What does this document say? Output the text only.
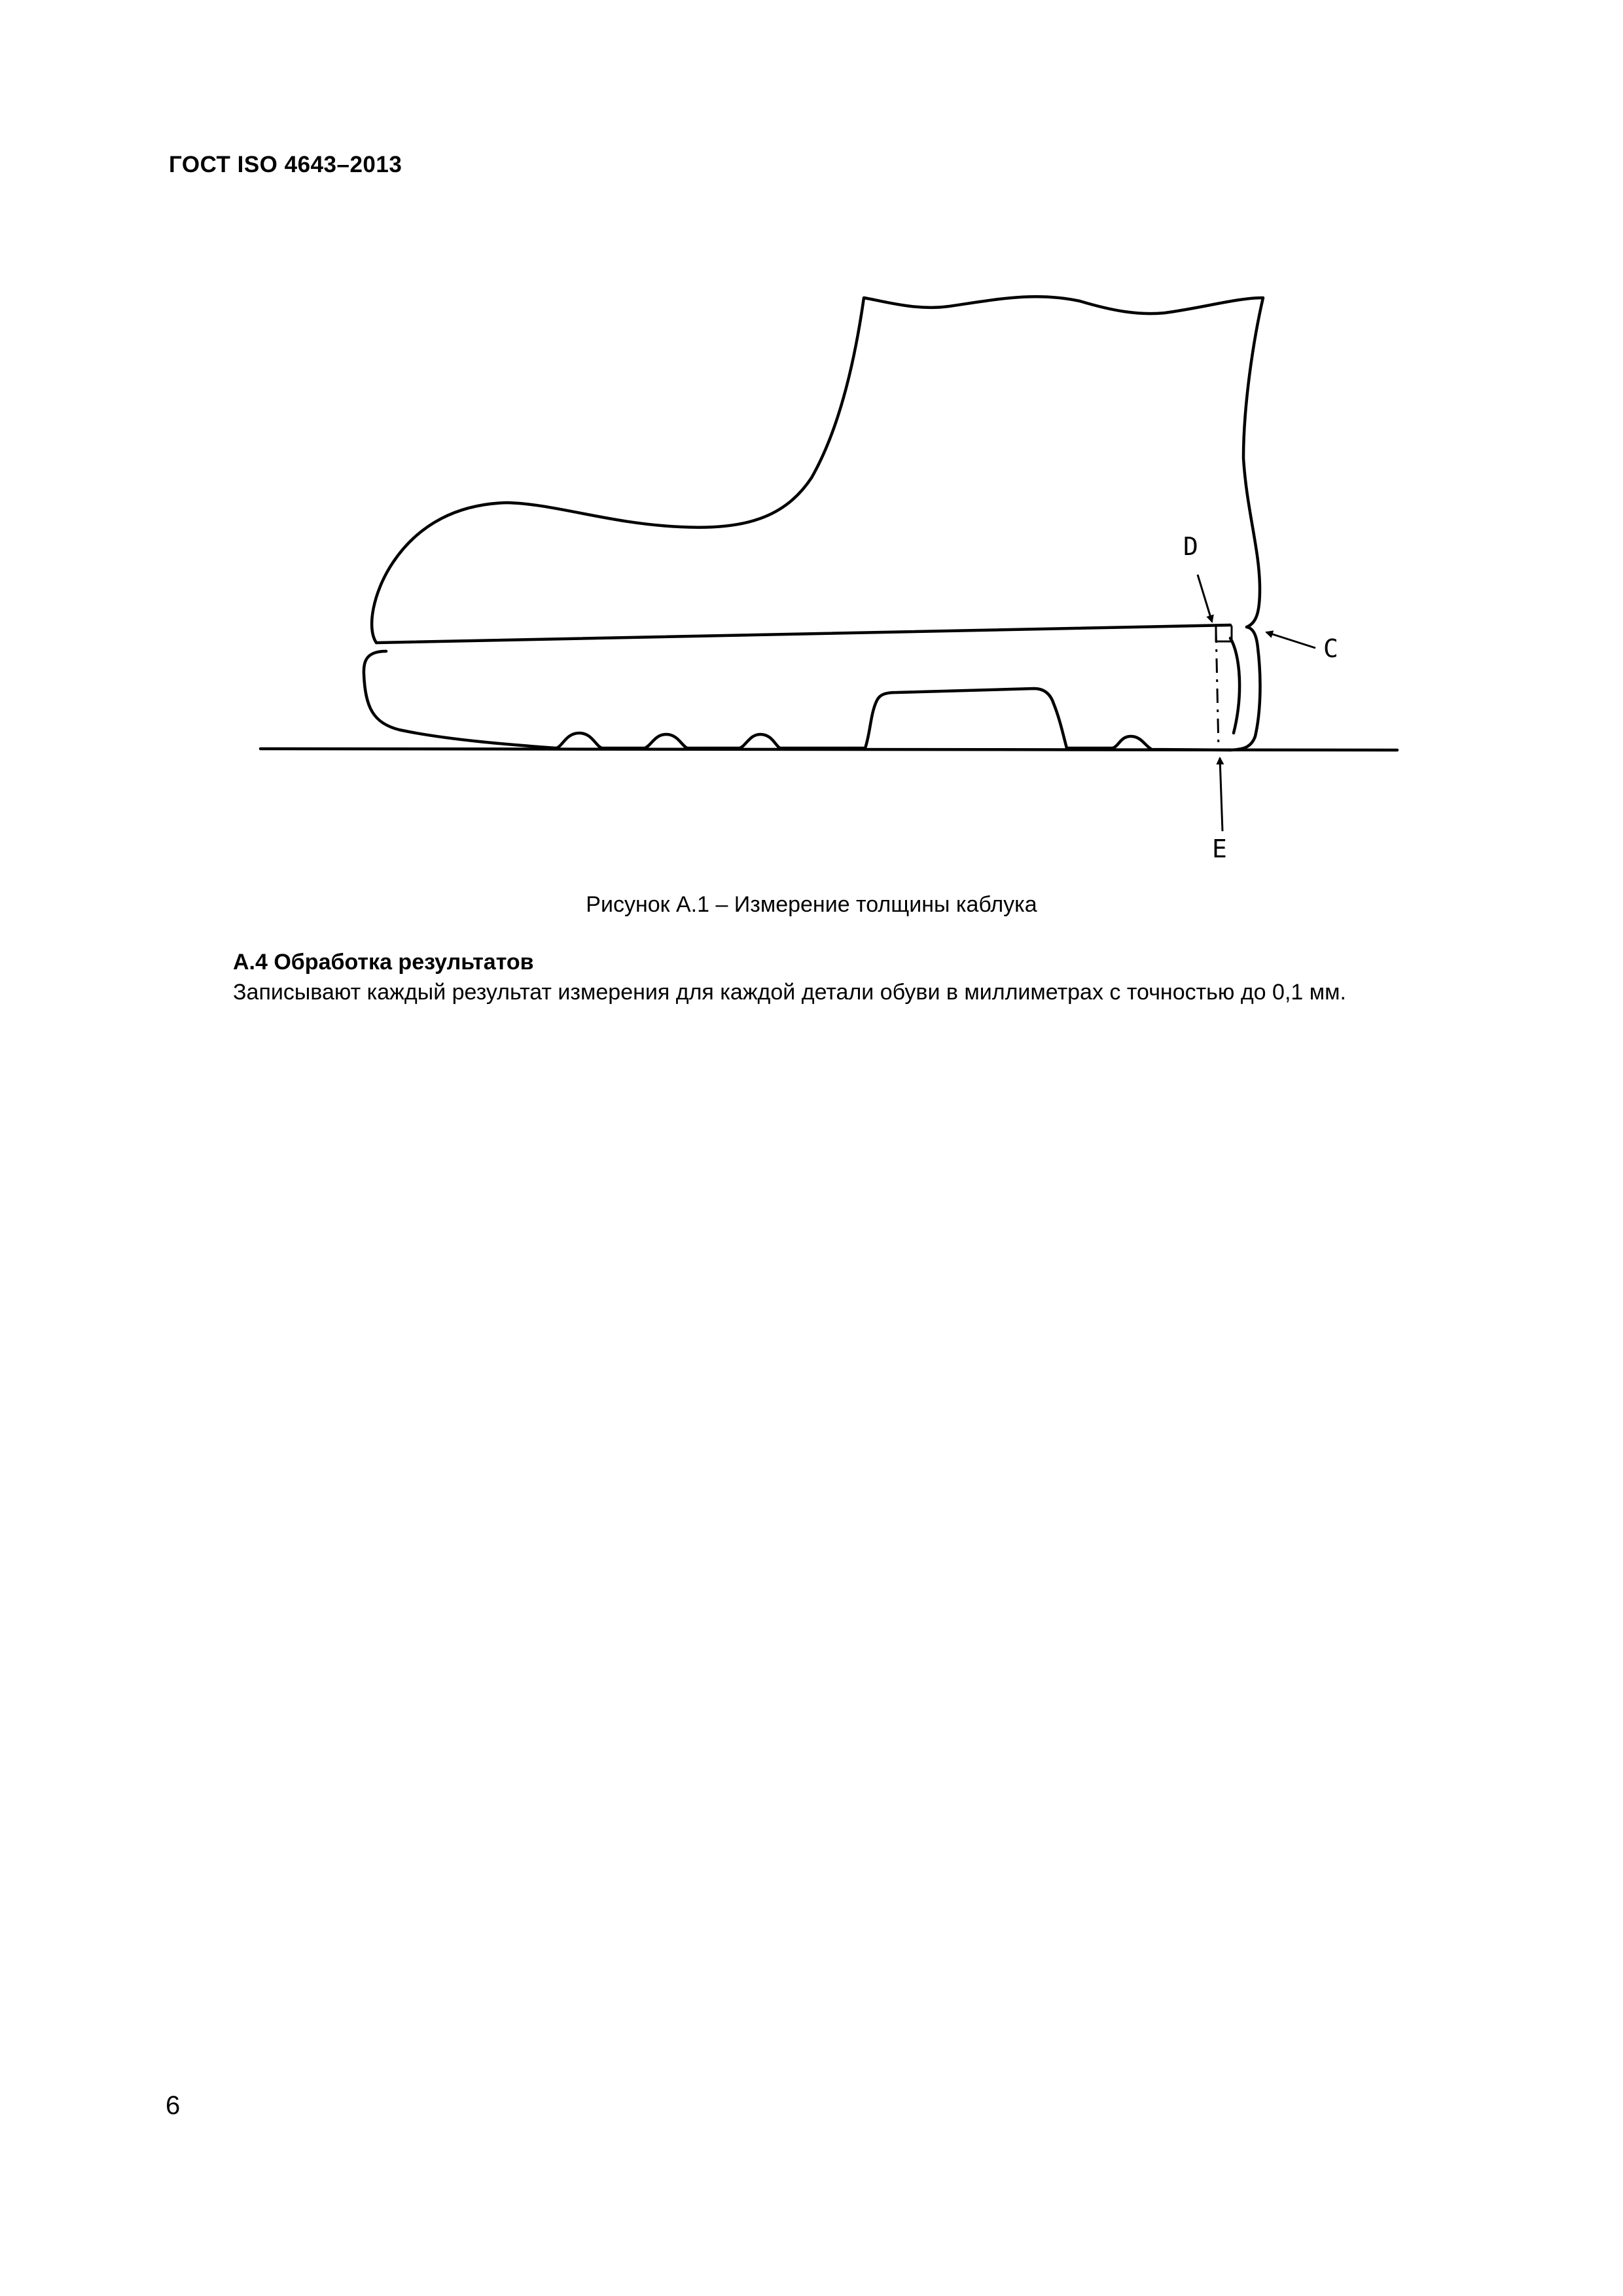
ГОСТ ISO 4643–2013
D
C
E
Рисунок А.1 – Измерение толщины каблука
А.4 Обработка результатов
Записывают каждый результат измерения для каждой детали обуви в миллиметрах с точностью до 0,1 мм.
6
